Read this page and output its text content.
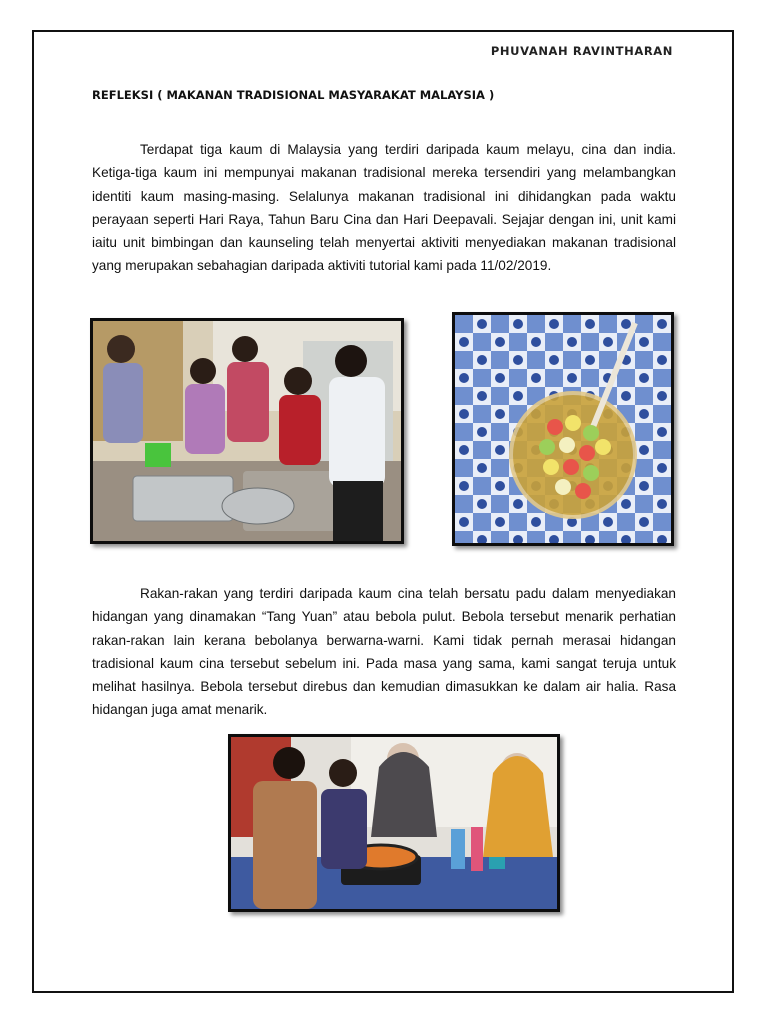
PHUVANAH RAVINTHARAN
REFLEKSI ( MAKANAN TRADISIONAL MASYARAKAT MALAYSIA )

Terdapat tiga kaum di Malaysia yang terdiri daripada kaum melayu, cina dan india. Ketiga-tiga kaum ini mempunyai makanan tradisional mereka tersendiri yang melambangkan identiti kaum masing-masing. Selalunya makanan tradisional ini dihidangkan pada waktu perayaan seperti Hari Raya, Tahun Baru Cina dan Hari Deepavali. Sejajar dengan ini, unit kami iaitu unit bimbingan dan kaunseling telah menyertai aktiviti menyediakan makanan tradisional yang merupakan sebahagian daripada aktiviti tutorial kami pada 11/02/2019.

Rakan-rakan yang terdiri daripada kaum cina telah bersatu padu dalam menyediakan hidangan yang dinamakan “Tang Yuan” atau bebola pulut. Bebola tersebut menarik perhatian rakan-rakan lain kerana bebolanya berwarna-warni. Kami tidak pernah merasai hidangan tradisional kaum cina tersebut sebelum ini. Pada masa yang sama, kami sangat teruja untuk melihat hasilnya. Bebola tersebut direbus dan kemudian dimasukkan ke dalam air halia. Rasa hidangan juga amat menarik.
